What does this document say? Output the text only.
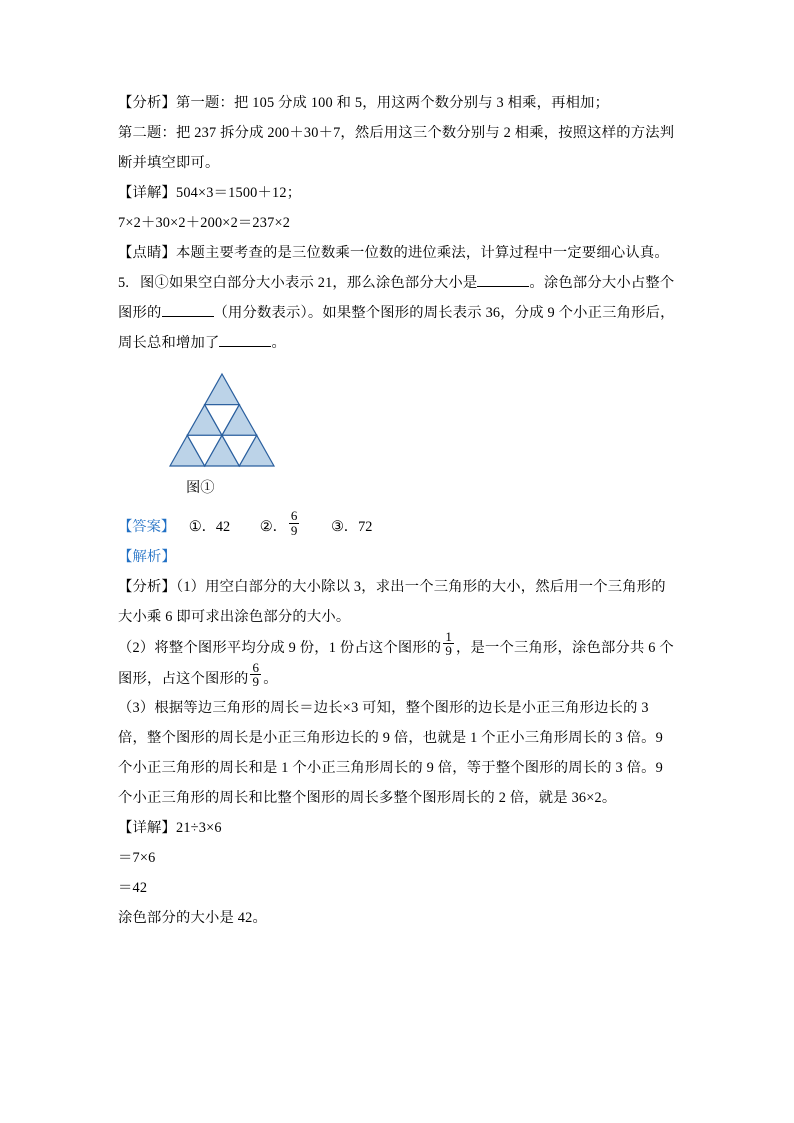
【分析】第一题：把 105 分成 100 和 5，用这两个数分别与 3 相乘，再相加；
第二题：把 237 拆分成 200＋30＋7，然后用这三个数分别与 2 相乘，按照这样的方法判断并填空即可。
【详解】504×3＝1500＋12；
7×2＋30×2＋200×2＝237×2
【点睛】本题主要考查的是三位数乘一位数的进位乘法，计算过程中一定要细心认真。
5. 图①如果空白部分大小表示 21，那么涂色部分大小是	。涂色部分大小占整个图形的	（用分数表示）。如果整个图形的周长表示 36，分成 9 个小正三角形后，周长总和增加了	。
图①
【答案】 ①．42 ②． $\frac{6}{9}$ ③．72
【解析】
【分析】（1）用空白部分的大小除以 3，求出一个三角形的大小，然后用一个三角形的大小乘 6 即可求出涂色部分的大小。
（2）将整个图形平均分成 9 份，1 份占这个图形的 $\frac{1}{9}$ ，是一个三角形，涂色部分共 6 个图形，占这个图形的 $\frac{6}{9}$ 。
（3）根据等边三角形的周长＝边长×3 可知，整个图形的边长是小正三角形边长的 3 倍，整个图形的周长是小正三角形边长的 9 倍，也就是 1 个正小三角形周长的 3 倍。9 个小正三角形的周长和是 1 个小正三角形周长的 9 倍，等于整个图形的周长的 3 倍。9 个小正三角形的周长和比整个图形的周长多整个图形周长的 2 倍，就是 36×2。
【详解】21÷3×6
＝7×6
＝42
涂色部分的大小是 42。
